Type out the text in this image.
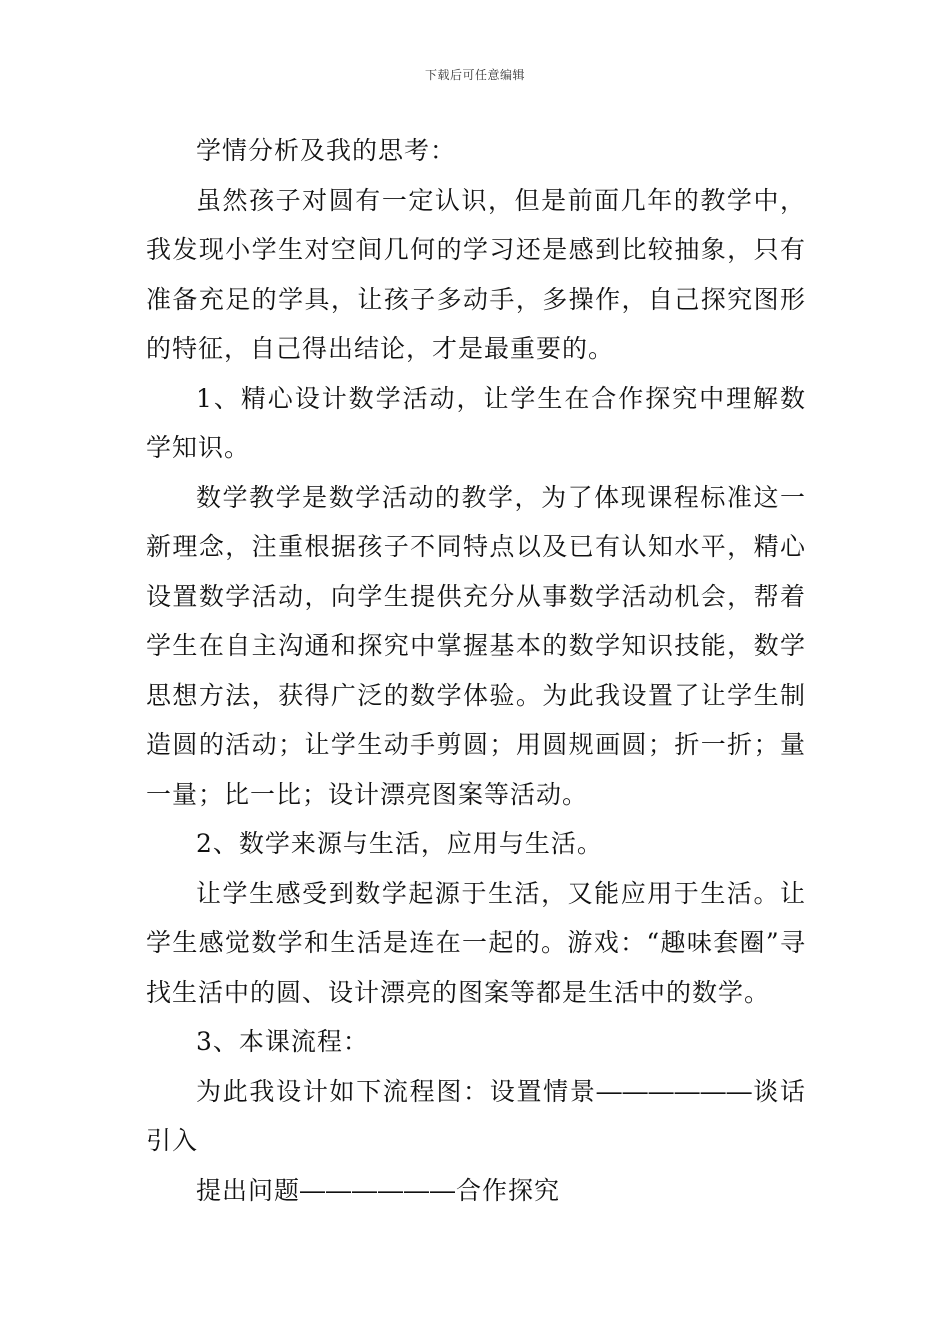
下载后可任意编辑

学情分析及我的思考：

虽然孩子对圆有一定认识，但是前面几年的教学中，我发现小学生对空间几何的学习还是感到比较抽象，只有准备充足的学具，让孩子多动手，多操作，自己探究图形的特征，自己得出结论，才是最重要的。

1、精心设计数学活动，让学生在合作探究中理解数学知识。

数学教学是数学活动的教学，为了体现课程标准这一新理念，注重根据孩子不同特点以及已有认知水平，精心设置数学活动，向学生提供充分从事数学活动机会，帮着学生在自主沟通和探究中掌握基本的数学知识技能，数学思想方法，获得广泛的数学体验。为此我设置了让学生制造圆的活动；让学生动手剪圆；用圆规画圆；折一折；量一量；比一比；设计漂亮图案等活动。

2、数学来源与生活，应用与生活。

让学生感受到数学起源于生活，又能应用于生活。让学生感觉数学和生活是连在一起的。游戏：“趣味套圈”寻找生活中的圆、设计漂亮的图案等都是生活中的数学。

3、本课流程：

为此我设计如下流程图：设置情景――――――谈话引入

提出问题――――――合作探究
